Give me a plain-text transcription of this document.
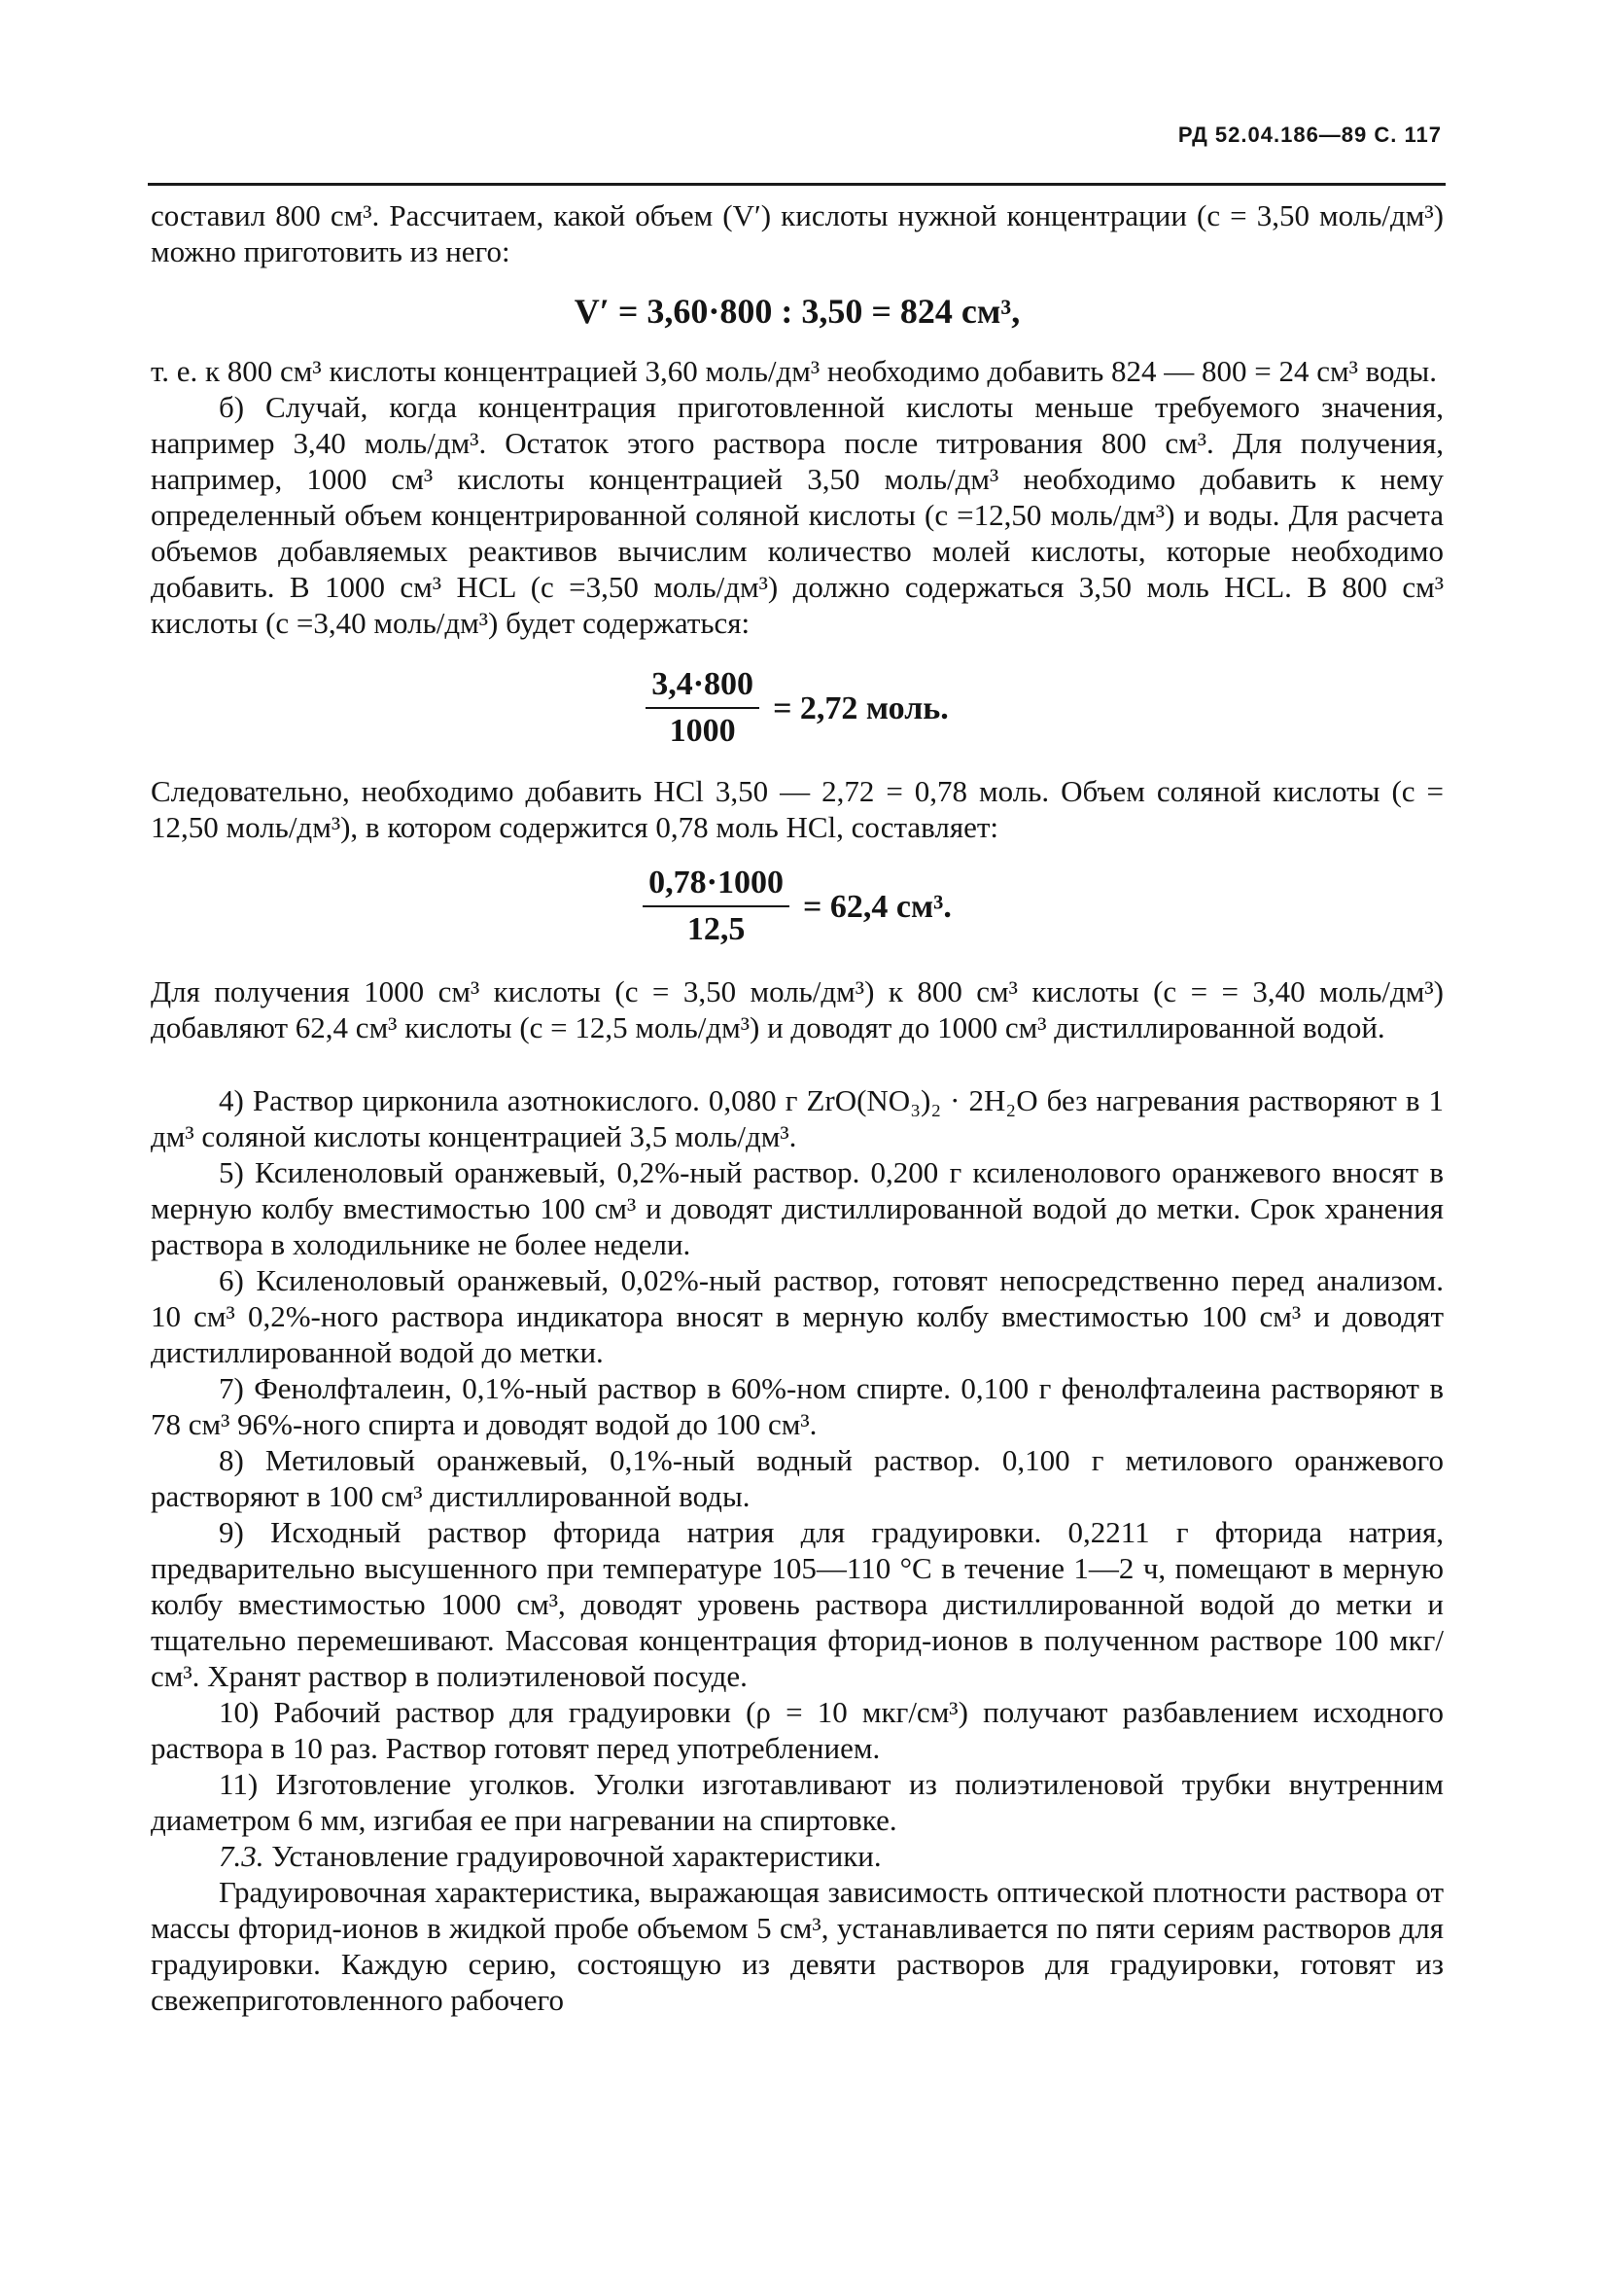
РД 52.04.186—89 С. 117

составил 800 см³. Рассчитаем, какой объем (V′) кислоты нужной концентрации (c = 3,50 моль/дм³) можно приготовить из него:

V′ = 3,60·800 : 3,50 = 824 см³,

т. е. к 800 см³ кислоты концентрацией 3,60 моль/дм³ необходимо добавить 824 — 800 = 24 см³ воды.

б) Случай, когда концентрация приготовленной кислоты меньше требуемого значения, например 3,40 моль/дм³. Остаток этого раствора после титрования 800 см³. Для получения, например, 1000 см³ кислоты концентрацией 3,50 моль/дм³ необходимо добавить к нему определенный объем концентрированной соляной кислоты (c =12,50 моль/дм³) и воды. Для расчета объемов добавляемых реактивов вычислим количество молей кислоты, которые необходимо добавить. В 1000 см³ HCL (c =3,50 моль/дм³) должно содержаться 3,50 моль HCL. В 800 см³ кислоты (c =3,40 моль/дм³) будет содержаться:

$\frac{3,4\cdot 800}{1000} = 2,72$ моль.

Следовательно, необходимо добавить HCl 3,50 — 2,72 = 0,78 моль. Объем соляной кислоты (c = 12,50 моль/дм³), в котором содержится 0,78 моль HCl, составляет:

$\frac{0,78\cdot 1000}{12,5} = 62,4$ см³.

Для получения 1000 см³ кислоты (c = 3,50 моль/дм³) к 800 см³ кислоты (c = = 3,40 моль/дм³) добавляют 62,4 см³ кислоты (c = 12,5 моль/дм³) и доводят до 1000 см³ дистиллированной водой.

4) Раствор цирконила азотнокислого. 0,080 г ZrO(NO₃)₂ · 2H₂O без нагревания растворяют в 1 дм³ соляной кислоты концентрацией 3,5 моль/дм³.

5) Ксиленоловый оранжевый, 0,2%-ный раствор. 0,200 г ксиленолового оранжевого вносят в мерную колбу вместимостью 100 см³ и доводят дистиллированной водой до метки. Срок хранения раствора в холодильнике не более недели.

6) Ксиленоловый оранжевый, 0,02%-ный раствор, готовят непосредственно перед анализом. 10 см³ 0,2%-ного раствора индикатора вносят в мерную колбу вместимостью 100 см³ и доводят дистиллированной водой до метки.

7) Фенолфталеин, 0,1%-ный раствор в 60%-ном спирте. 0,100 г фенолфталеина растворяют в 78 см³ 96%-ного спирта и доводят водой до 100 см³.

8) Метиловый оранжевый, 0,1%-ный водный раствор. 0,100 г метилового оранжевого растворяют в 100 см³ дистиллированной воды.

9) Исходный раствор фторида натрия для градуировки. 0,2211 г фторида натрия, предварительно высушенного при температуре 105—110 °С в течение 1—2 ч, помещают в мерную колбу вместимостью 1000 см³, доводят уровень раствора дистиллированной водой до метки и тщательно перемешивают. Массовая концентрация фторид-ионов в полученном растворе 100 мкг/см³. Хранят раствор в полиэтиленовой посуде.

10) Рабочий раствор для градуировки (ρ = 10 мкг/см³) получают разбавлением исходного раствора в 10 раз. Раствор готовят перед употреблением.

11) Изготовление уголков. Уголки изготавливают из полиэтиленовой трубки внутренним диаметром 6 мм, изгибая ее при нагревании на спиртовке.

7.3. Установление градуировочной характеристики.

Градуировочная характеристика, выражающая зависимость оптической плотности раствора от массы фторид-ионов в жидкой пробе объемом 5 см³, устанавливается по пяти сериям растворов для градуировки. Каждую серию, состоящую из девяти растворов для градуировки, готовят из свежеприготовленного рабочего
